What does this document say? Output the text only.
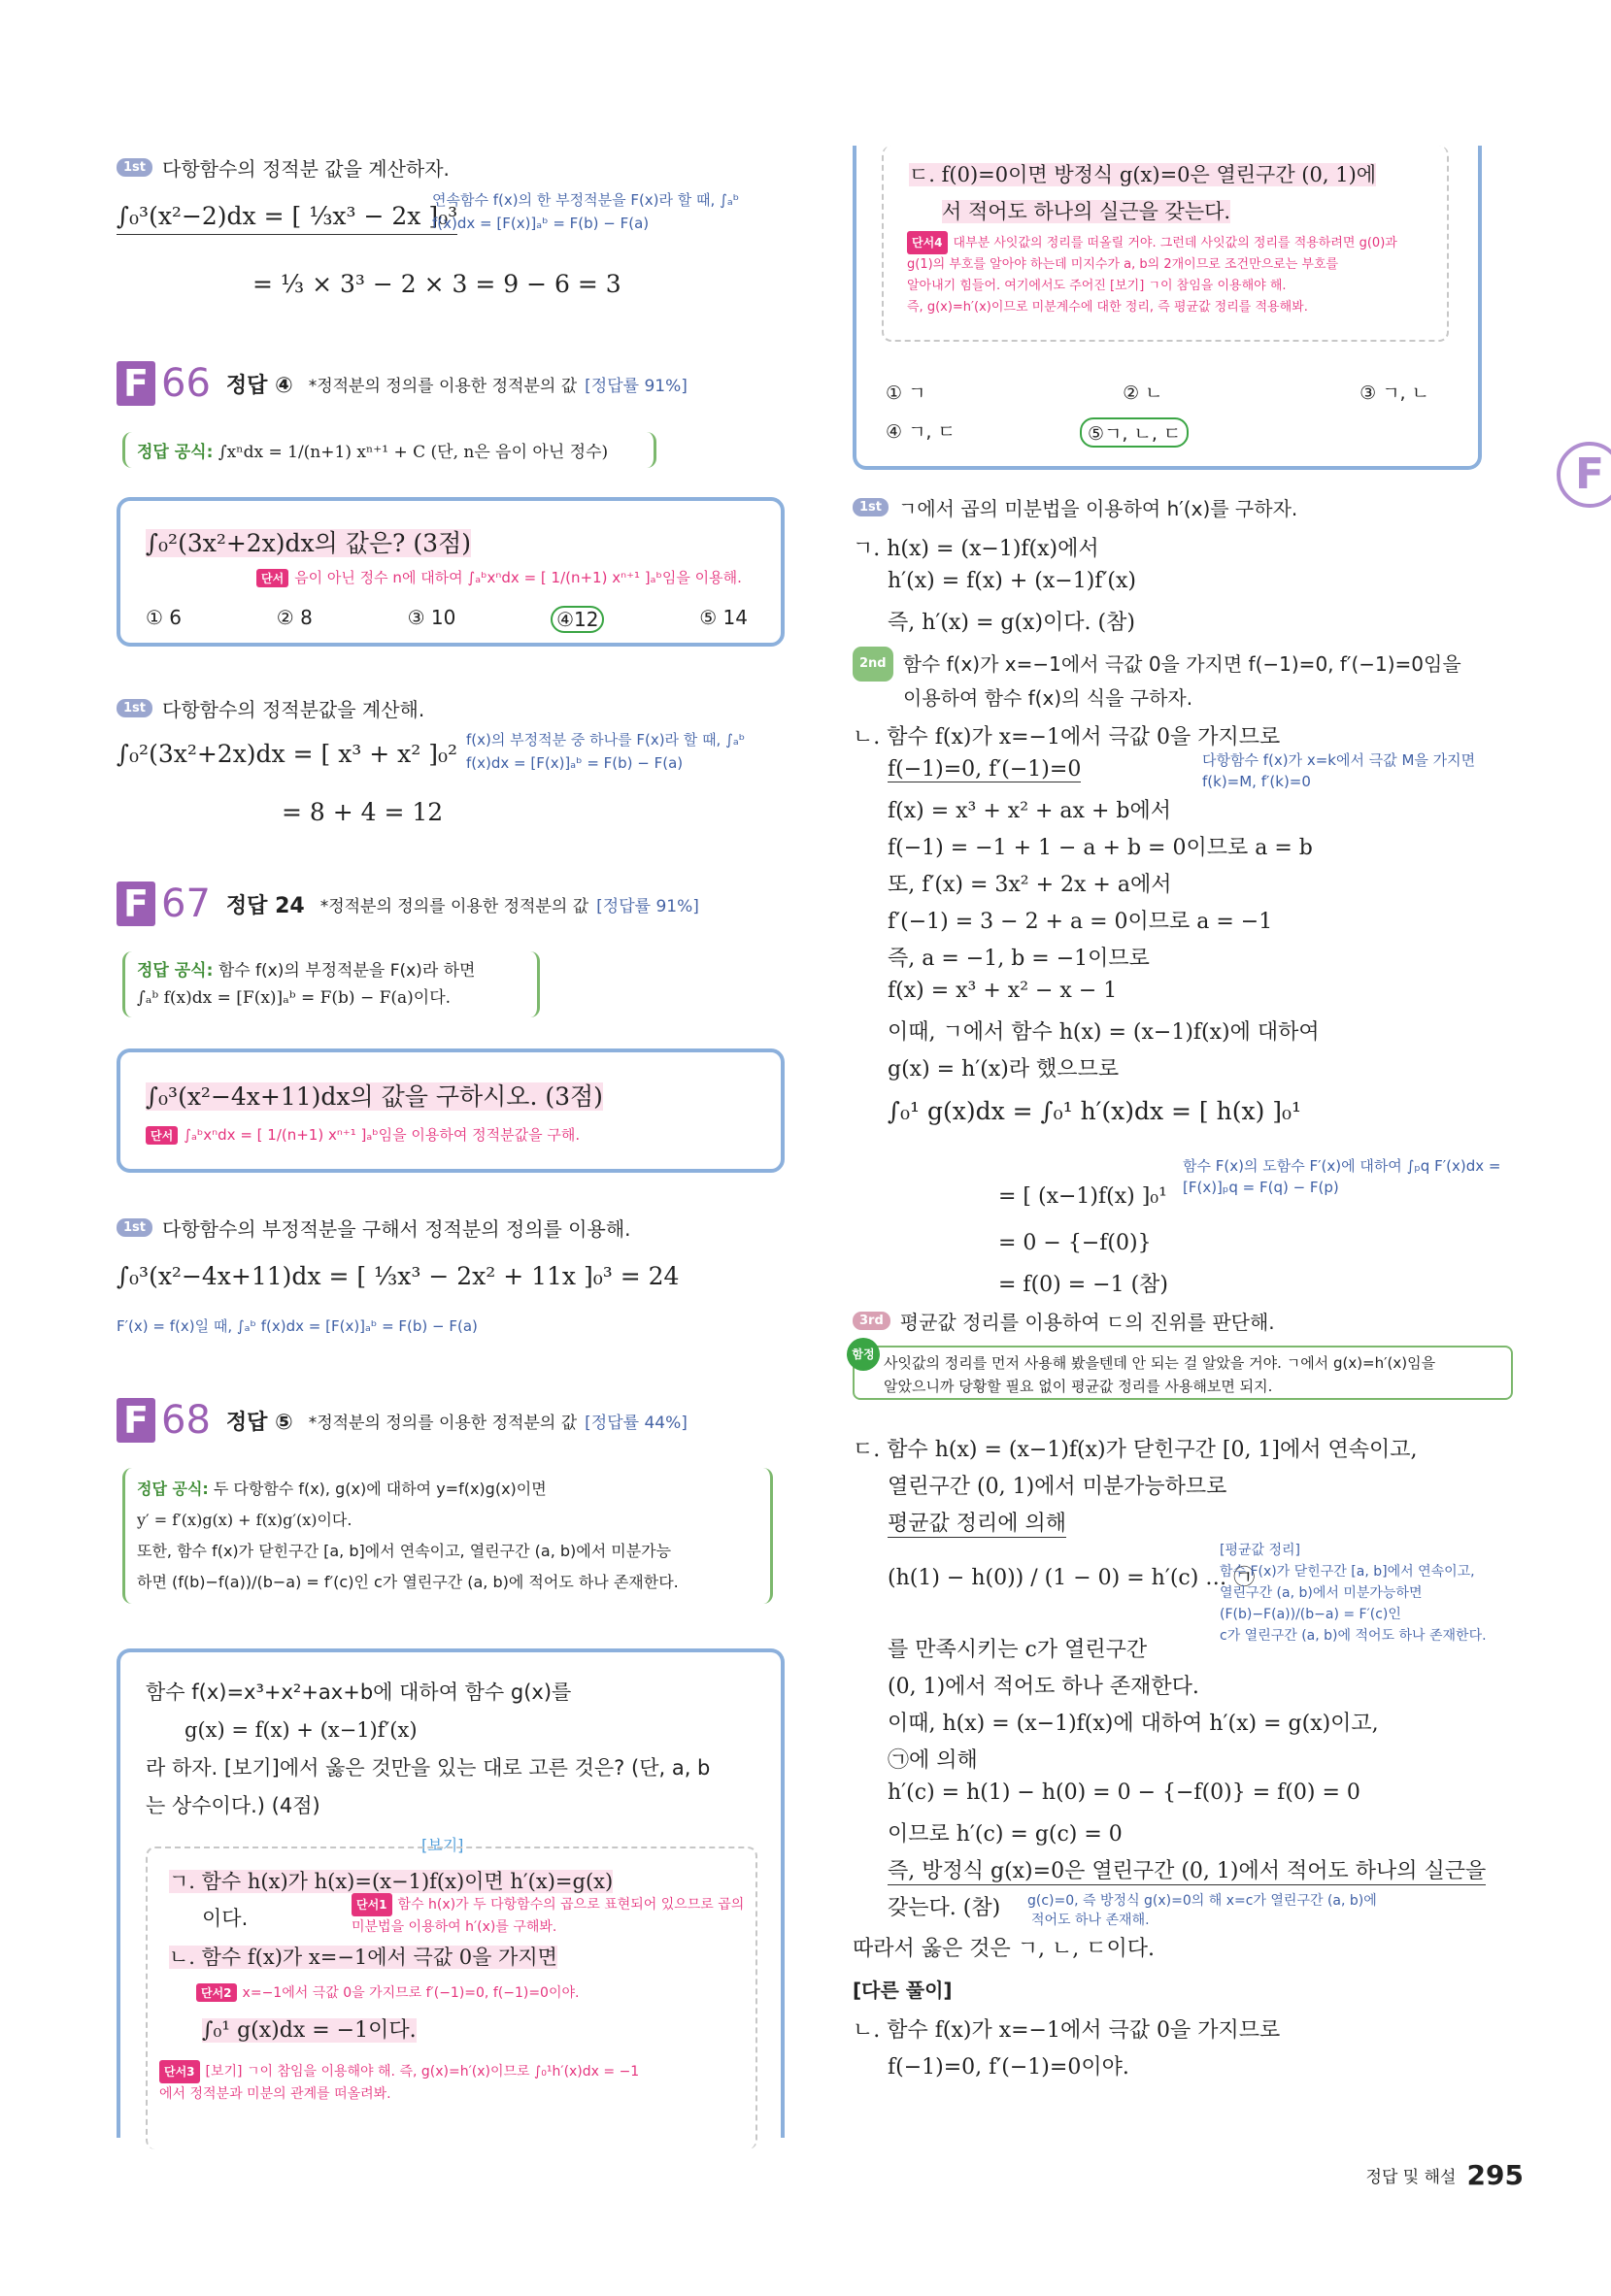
1st 다항함수의 정적분 값을 계산하자.
∫₀³(x²−2)dx = [ ⅓x³ − 2x ]₀³
연속함수 f(x)의 한 부정적분을 F(x)라 할 때, ∫ₐᵇ f(x)dx = [F(x)]ₐᵇ = F(b) − F(a)
= ⅓ × 3³ − 2 × 3 = 9 − 6 = 3
F 66 정답 ④ *정적분의 정의를 이용한 정적분의 값 [정답률 91%]
정답 공식: ∫xⁿdx = 1/(n+1) xⁿ⁺¹ + C (단, n은 음이 아닌 정수)
∫₀²(3x²+2x)dx의 값은? (3점)
단서 음이 아닌 정수 n에 대하여 ∫ₐᵇxⁿdx = [ 1/(n+1) xⁿ⁺¹ ]ₐᵇ임을 이용해.
① 6	② 8	③ 10	④12	⑤ 14
1st 다항함수의 정적분값을 계산해.
∫₀²(3x²+2x)dx = [ x³ + x² ]₀² f(x)의 부정적분 중 하나를 F(x)라 할 때, ∫ₐᵇ f(x)dx = [F(x)]ₐᵇ = F(b) − F(a)
= 8 + 4 = 12
F 67 정답 24 *정적분의 정의를 이용한 정적분의 값 [정답률 91%]
정답 공식: 함수 f(x)의 부정적분을 F(x)라 하면
∫ₐᵇ f(x)dx = [F(x)]ₐᵇ = F(b) − F(a)이다.
∫₀³(x²−4x+11)dx의 값을 구하시오. (3점)
단서 ∫ₐᵇxⁿdx = [ 1/(n+1) xⁿ⁺¹ ]ₐᵇ임을 이용하여 정적분값을 구해.
1st 다항함수의 부정적분을 구해서 정적분의 정의를 이용해.
∫₀³(x²−4x+11)dx = [ ⅓x³ − 2x² + 11x ]₀³ = 24
F′(x) = f(x)일 때, ∫ₐᵇ f(x)dx = [F(x)]ₐᵇ = F(b) − F(a)
F 68 정답 ⑤ *정적분의 정의를 이용한 정적분의 값 [정답률 44%]
정답 공식: 두 다항함수 f(x), g(x)에 대하여 y=f(x)g(x)이면
y′ = f′(x)g(x) + f(x)g′(x)이다.
또한, 함수 f(x)가 닫힌구간 [a, b]에서 연속이고, 열린구간 (a, b)에서 미분가능
하면 (f(b)−f(a))/(b−a) = f′(c)인 c가 열린구간 (a, b)에 적어도 하나 존재한다.
함수 f(x)=x³+x²+ax+b에 대하여 함수 g(x)를
g(x) = f(x) + (x−1)f′(x)
라 하자. [보기]에서 옳은 것만을 있는 대로 고른 것은? (단, a, b
는 상수이다.) (4점)
[보기]
ㄱ. 함수 h(x)가 h(x)=(x−1)f(x)이면 h′(x)=g(x)
이다.
단서1 함수 h(x)가 두 다항함수의 곱으로 표현되어 있으므로 곱의 미분법을 이용하여 h′(x)를 구해봐.
ㄴ. 함수 f(x)가 x=−1에서 극값 0을 가지면
단서2 x=−1에서 극값 0을 가지므로 f′(−1)=0, f(−1)=0이야.
∫₀¹ g(x)dx = −1이다.
단서3 [보기] ㄱ이 참임을 이용해야 해. 즉, g(x)=h′(x)이므로 ∫₀¹h′(x)dx = −1
에서 정적분과 미분의 관계를 떠올려봐.
ㄷ. f(0)=0이면 방정식 g(x)=0은 열린구간 (0, 1)에
서 적어도 하나의 실근을 갖는다.
단서4 대부분 사잇값의 정리를 떠올릴 거야. 그런데 사잇값의 정리를 적용하려면 g(0)과
g(1)의 부호를 알아야 하는데 미지수가 a, b의 2개이므로 조건만으로는 부호를
알아내기 힘들어. 여기에서도 주어진 [보기] ㄱ이 참임을 이용해야 해.
즉, g(x)=h′(x)이므로 미분계수에 대한 정리, 즉 평균값 정리를 적용해봐.
① ㄱ	② ㄴ	③ ㄱ, ㄴ
④ ㄱ, ㄷ	⑤ㄱ, ㄴ, ㄷ
F
1st ㄱ에서 곱의 미분법을 이용하여 h′(x)를 구하자.
ㄱ. h(x) = (x−1)f(x)에서
h′(x) = f(x) + (x−1)f′(x)
즉, h′(x) = g(x)이다. (참)
2nd 함수 f(x)가 x=−1에서 극값 0을 가지면 f(−1)=0, f′(−1)=0임을
이용하여 함수 f(x)의 식을 구하자.
ㄴ. 함수 f(x)가 x=−1에서 극값 0을 가지므로
f(−1)=0, f′(−1)=0	다항함수 f(x)가 x=k에서 극값 M을 가지면 f(k)=M, f′(k)=0
f(x) = x³ + x² + ax + b에서
f(−1) = −1 + 1 − a + b = 0이므로 a = b
또, f′(x) = 3x² + 2x + a에서
f′(−1) = 3 − 2 + a = 0이므로 a = −1
즉, a = −1, b = −1이므로
f(x) = x³ + x² − x − 1
이때, ㄱ에서 함수 h(x) = (x−1)f(x)에 대하여
g(x) = h′(x)라 했으므로
∫₀¹ g(x)dx = ∫₀¹ h′(x)dx = [ h(x) ]₀¹
함수 F(x)의 도함수 F′(x)에 대하여 ∫ₚq F′(x)dx = [F(x)]ₚq = F(q) − F(p)
= [ (x−1)f(x) ]₀¹
= 0 − {−f(0)}
= f(0) = −1 (참)
3rd 평균값 정리를 이용하여 ㄷ의 진위를 판단해.
함정 사잇값의 정리를 먼저 사용해 봤을텐데 안 되는 걸 알았을 거야. ㄱ에서 g(x)=h′(x)임을
알았으니까 당황할 필요 없이 평균값 정리를 사용해보면 되지.
ㄷ. 함수 h(x) = (x−1)f(x)가 닫힌구간 [0, 1]에서 연속이고,
열린구간 (0, 1)에서 미분가능하므로
평균값 정리에 의해
(h(1) − h(0)) / (1 − 0) = h′(c) … ㉠
[평균값 정리]
함수 F(x)가 닫힌구간 [a, b]에서 연속이고,
열린구간 (a, b)에서 미분가능하면
(F(b)−F(a))/(b−a) = F′(c)인
c가 열린구간 (a, b)에 적어도 하나 존재한다.
를 만족시키는 c가 열린구간
(0, 1)에서 적어도 하나 존재한다.
이때, h(x) = (x−1)f(x)에 대하여 h′(x) = g(x)이고,
㉠에 의해
h′(c) = h(1) − h(0) = 0 − {−f(0)} = f(0) = 0
이므로 h′(c) = g(c) = 0
즉, 방정식 g(x)=0은 열린구간 (0, 1)에서 적어도 하나의 실근을
갖는다. (참) g(c)=0, 즉 방정식 g(x)=0의 해 x=c가 열린구간 (a, b)에
적어도 하나 존재해.
따라서 옳은 것은 ㄱ, ㄴ, ㄷ이다.
[다른 풀이]
ㄴ. 함수 f(x)가 x=−1에서 극값 0을 가지므로
f(−1)=0, f′(−1)=0이야.
정답 및 해설 295
